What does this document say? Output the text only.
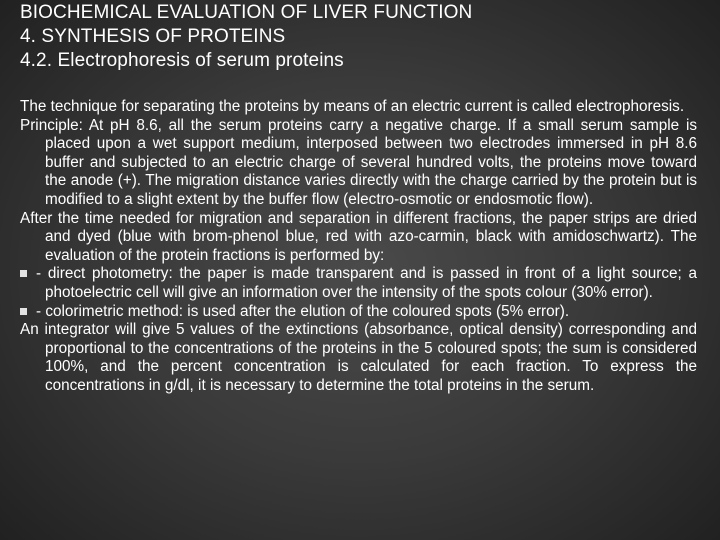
BIOCHEMICAL EVALUATION OF LIVER FUNCTION
4. SYNTHESIS OF PROTEINS
4.2. Electrophoresis of serum proteins

The technique for separating the proteins by means of an electric current is called electrophoresis.

Principle: At pH 8.6, all the serum proteins carry a negative charge. If a small serum sample is placed upon a wet support medium, interposed between two electrodes immersed in pH 8.6 buffer and subjected to an electric charge of several hundred volts, the proteins move toward the anode (+). The migration distance varies directly with the charge carried by the protein but is modified to a slight extent by the buffer flow (electro-osmotic or endosmotic flow).

After the time needed for migration and separation in different fractions, the paper strips are dried and dyed (blue with brom-phenol blue, red with azo-carmin, black with amidoschwartz). The evaluation of the protein fractions is performed by:

- direct photometry: the paper is made transparent and is passed in front of a light source; a photoelectric cell will give an information over the intensity of the spots colour (30% error).

- colorimetric method: is used after the elution of the coloured spots (5% error).

An integrator will give 5 values of the extinctions (absorbance, optical density) corresponding and proportional to the concentrations of the proteins in the 5 coloured spots; the sum is considered 100%, and the percent concentration is calculated for each fraction. To express the concentrations in g/dl, it is necessary to determine the total proteins in the serum.
